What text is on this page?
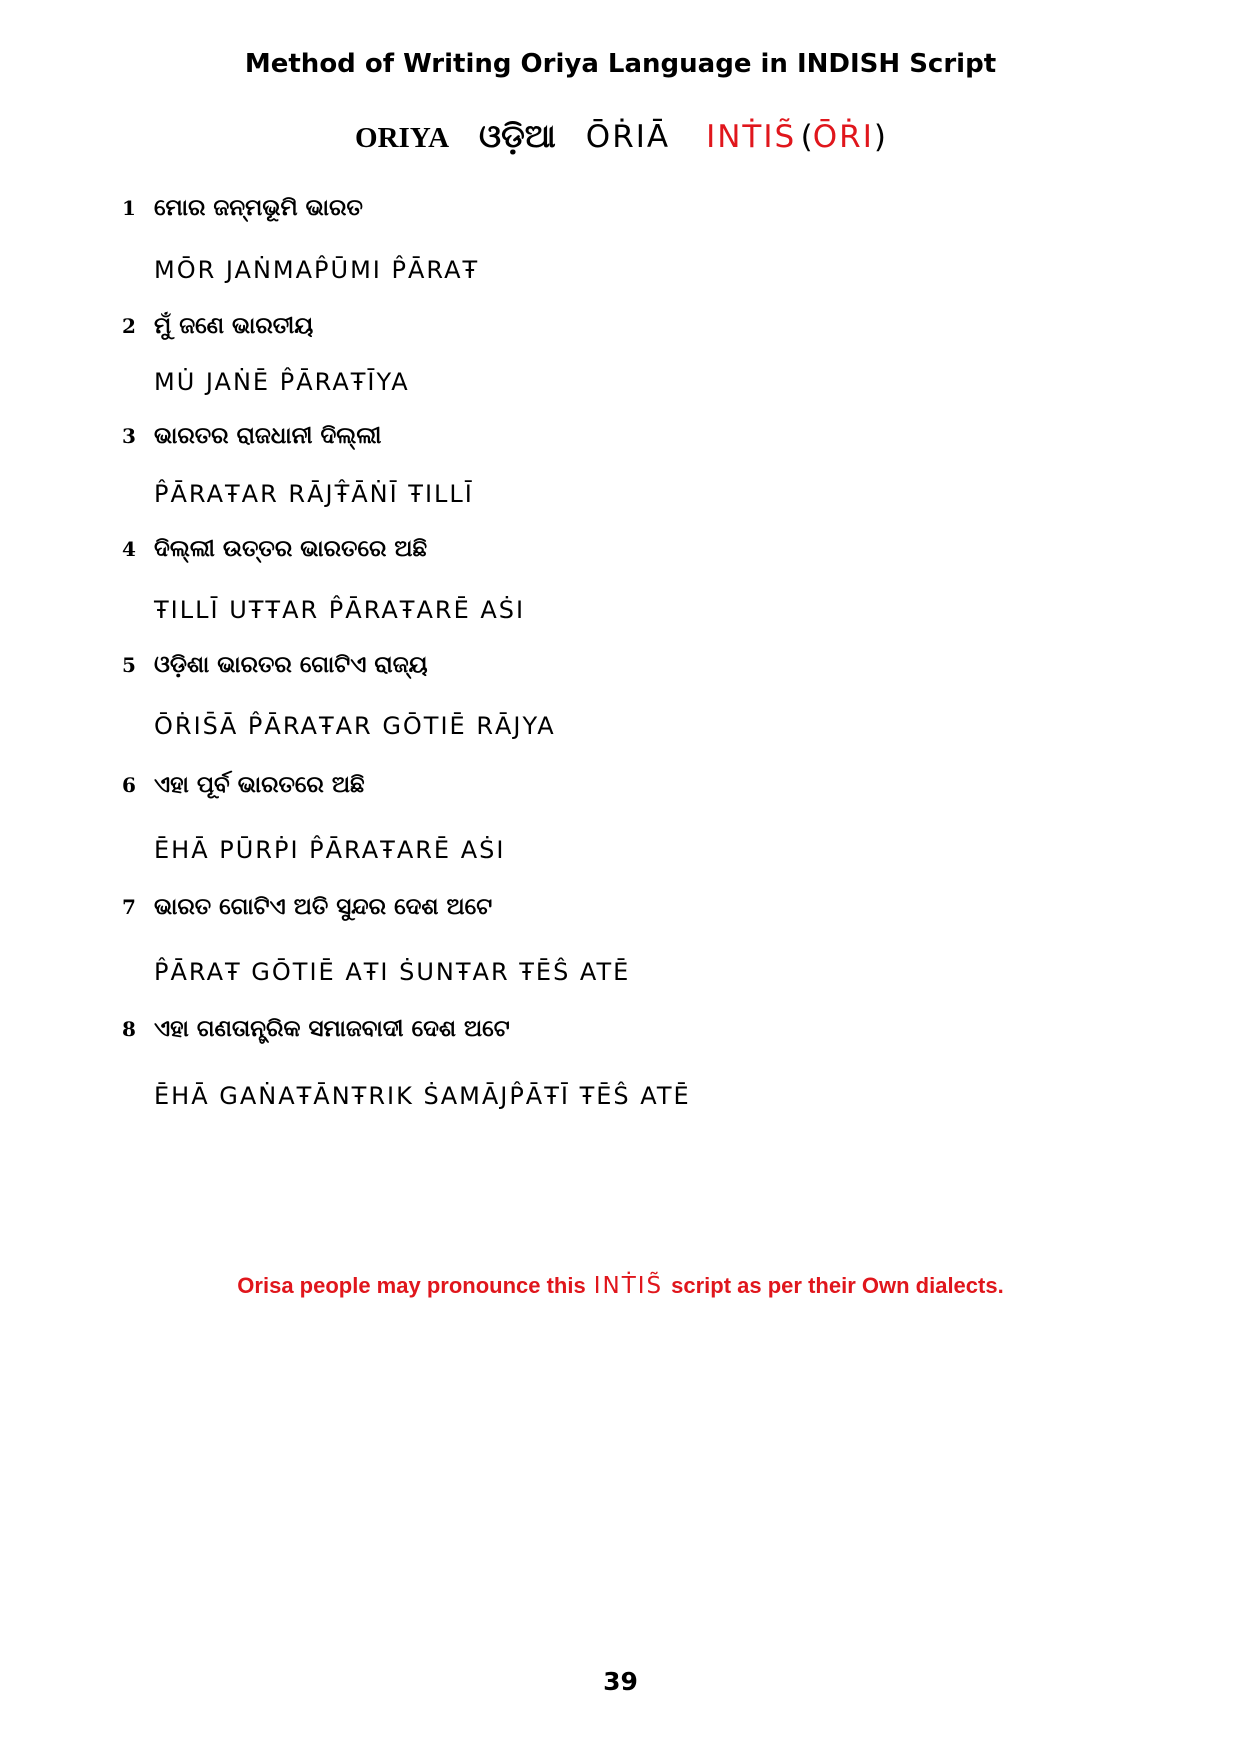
Method of Writing Oriya Language in INDISH Script
ORIYA ଓଡ଼ିଆ ŌṘIĀ INṪIS̃ (ŌṘI)
1 ମୋର ଜନ୍ମଭୂମି ଭାରତ
MŌR JAṄMAP̂ŪMI P̂ĀRAŦ
2 ମୁଁ ଜଣେ ଭାରତୀୟ
MU̇ JAṄĒ P̂ĀRAŦĪYA
3 ଭାରତର ରାଜଧାନୀ ଦିଲ୍ଲୀ
P̂ĀRAŦAR RĀJŦ̂ĀṄĪ ŦILLĪ
4 ଦିଲ୍ଲୀ ଉତ୍ତର ଭାରତରେ ଅଛି
ŦILLĪ UŦŦAR P̂ĀRAŦARĒ AṠI
5 ଓଡ଼ିଶା ଭାରତର ଗୋଟିଏ ରାଜ୍ୟ
ŌṘIS̄Ā P̂ĀRAŦAR GŌTIĒ RĀJYA
6 ଏହା ପୂର୍ବ ଭାରତରେ ଅଛି
ĒHĀ PŪRṖI P̂ĀRAŦARĒ AṠI
7 ଭାରତ ଗୋଟିଏ ଅତି ସୁନ୍ଦର ଦେଶ ଅଟେ
P̂ĀRAŦ GŌTIĒ AŦI ṠUNŦAR ŦĒŜ ATĒ
8 ଏହା ଗଣତାନ୍ତ୍ରିକ ସମାଜବାଦୀ ଦେଶ ଅଟେ
ĒHĀ GAṄAŦĀNŦRIK ṠAMĀJP̂ĀŦĪ ŦĒŜ ATĒ
Orisa people may pronounce this INṪIS̃ script as per their Own dialects.
39
